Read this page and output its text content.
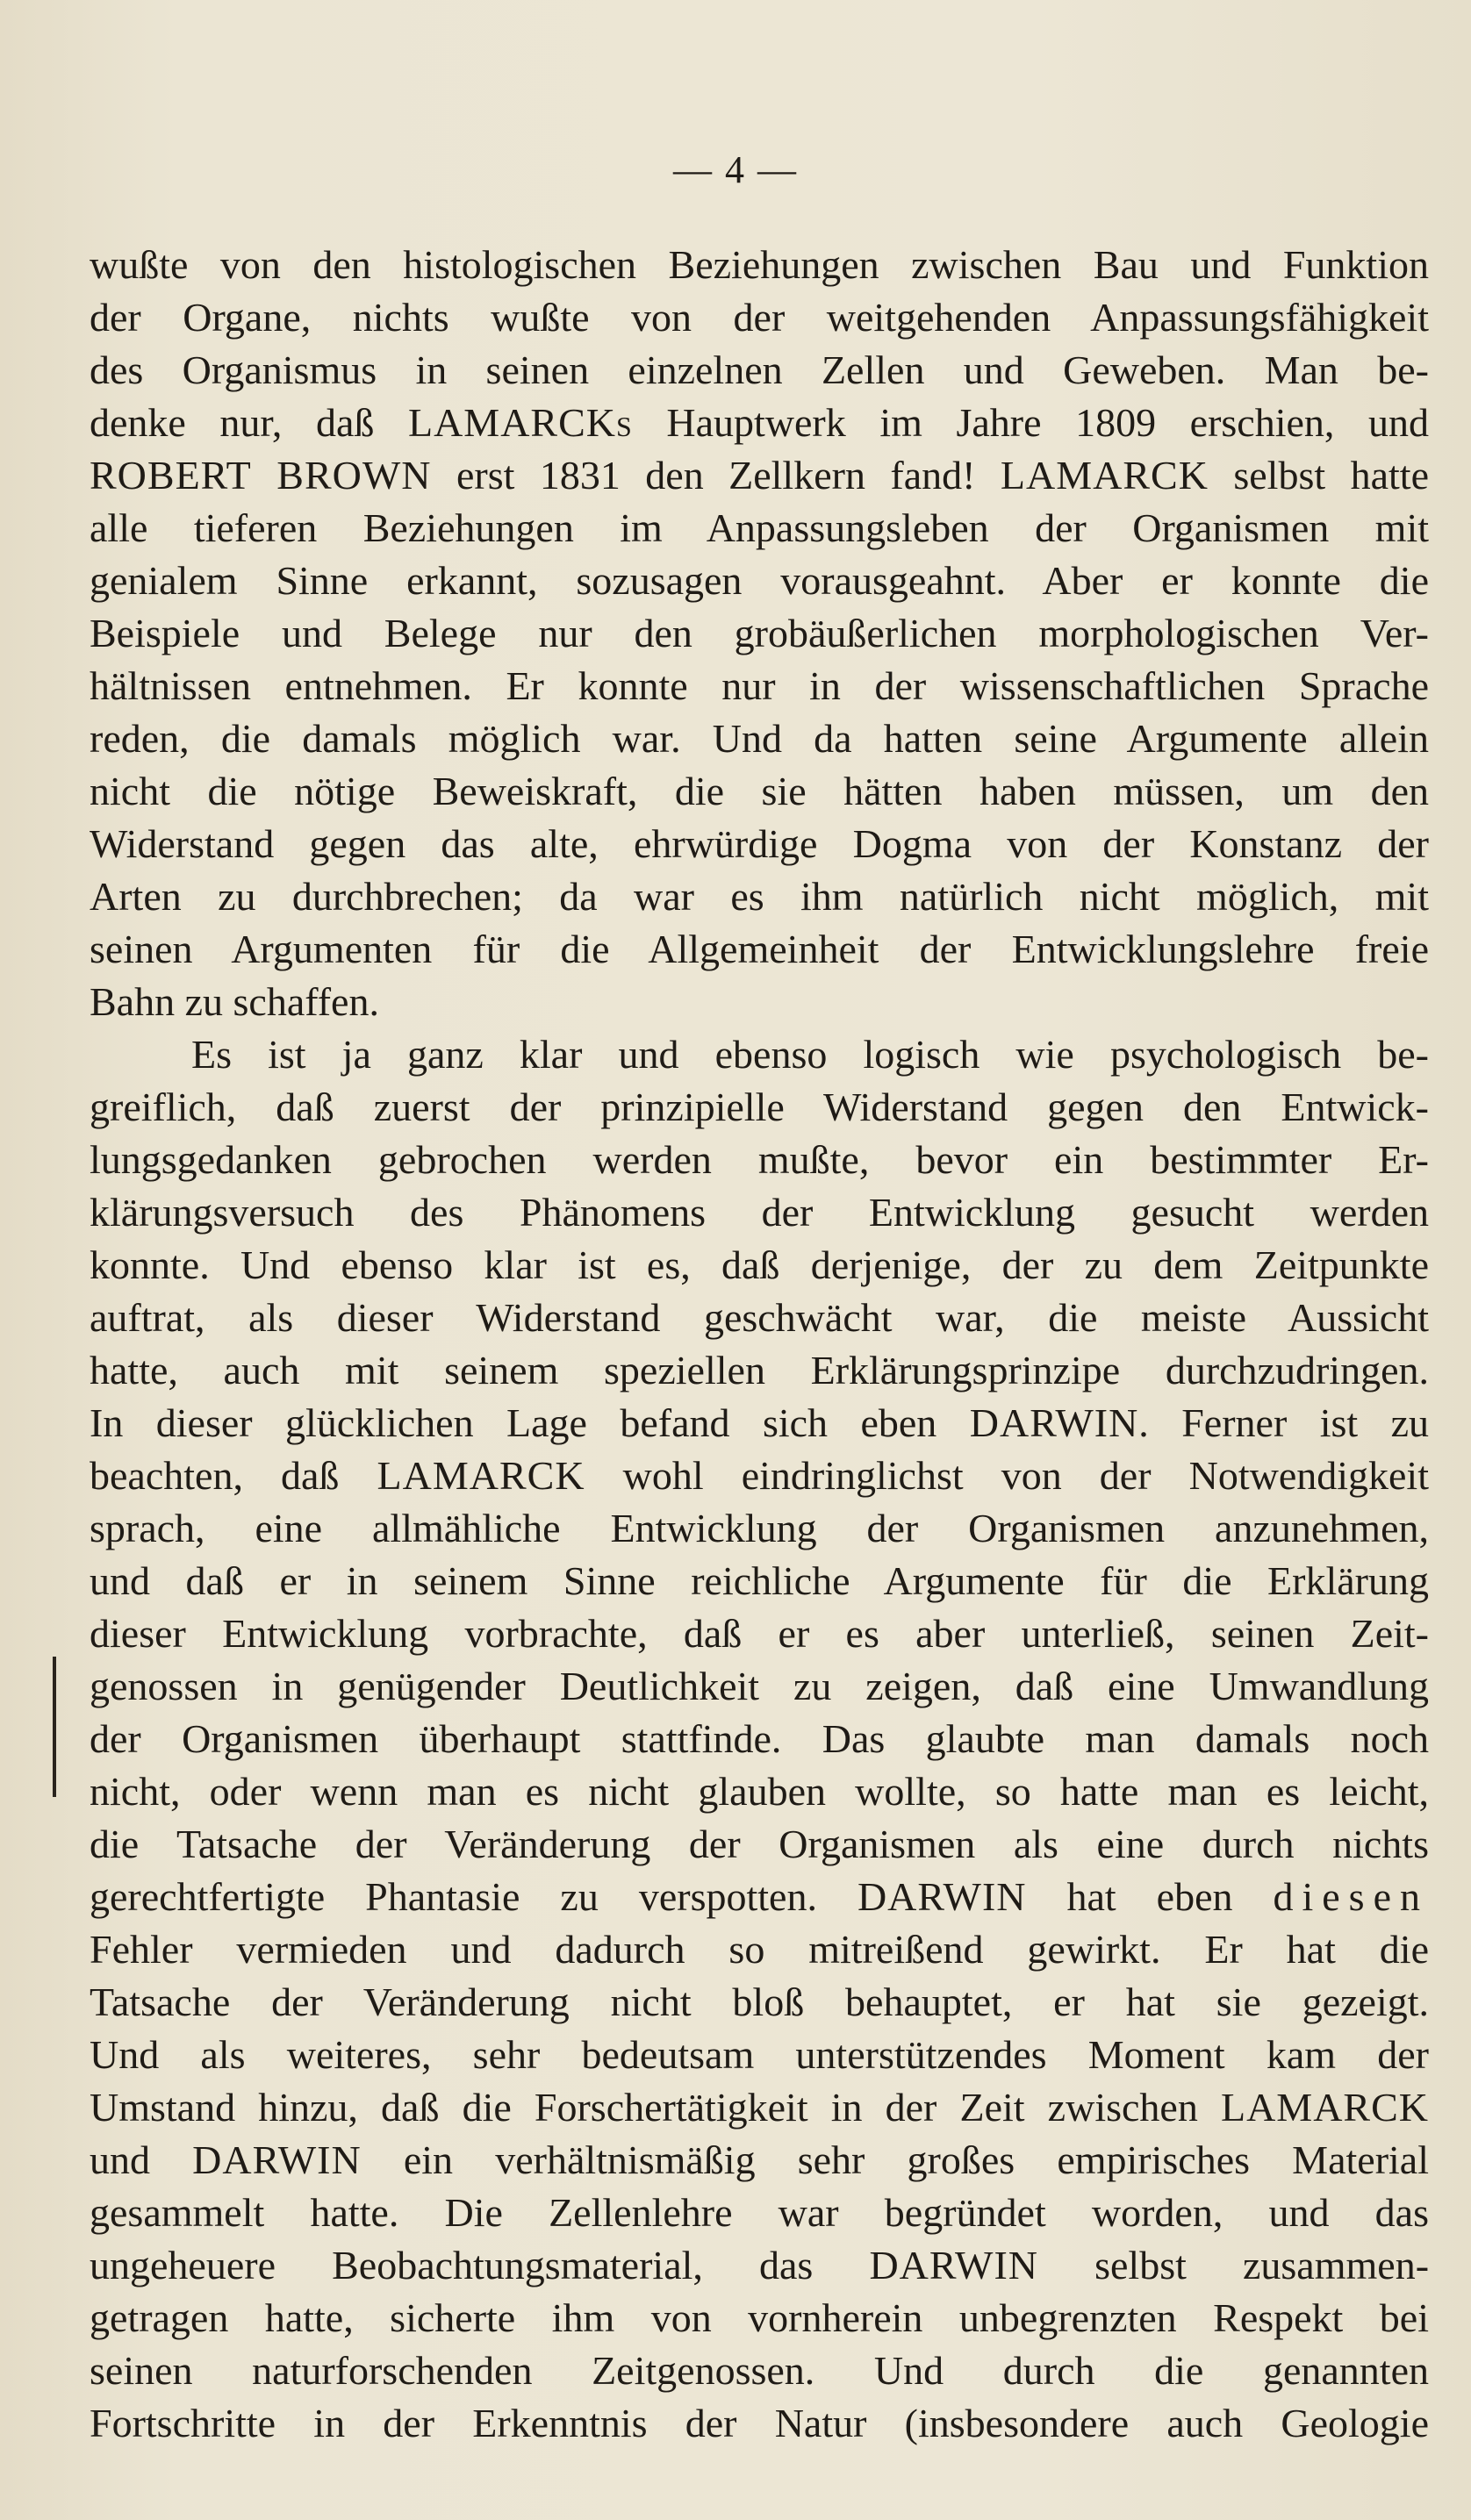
— 4 —
wußte von den histologischen Beziehungen zwischen Bau und Funktion
der Organe, nichts wußte von der weitgehenden Anpassungsfähigkeit
des Organismus in seinen einzelnen Zellen und Geweben. Man be-
denke nur, daß LAMARCKs Hauptwerk im Jahre 1809 erschien, und
ROBERT BROWN erst 1831 den Zellkern fand! LAMARCK selbst hatte
alle tieferen Beziehungen im Anpassungsleben der Organismen mit
genialem Sinne erkannt, sozusagen vorausgeahnt. Aber er konnte die
Beispiele und Belege nur den grobäußerlichen morphologischen Ver-
hältnissen entnehmen. Er konnte nur in der wissenschaftlichen Sprache
reden, die damals möglich war. Und da hatten seine Argumente allein
nicht die nötige Beweiskraft, die sie hätten haben müssen, um den
Widerstand gegen das alte, ehrwürdige Dogma von der Konstanz der
Arten zu durchbrechen; da war es ihm natürlich nicht möglich, mit
seinen Argumenten für die Allgemeinheit der Entwicklungslehre freie
Bahn zu schaffen.
Es ist ja ganz klar und ebenso logisch wie psychologisch be-
greiflich, daß zuerst der prinzipielle Widerstand gegen den Entwick-
lungsgedanken gebrochen werden mußte, bevor ein bestimmter Er-
klärungsversuch des Phänomens der Entwicklung gesucht werden
konnte. Und ebenso klar ist es, daß derjenige, der zu dem Zeitpunkte
auftrat, als dieser Widerstand geschwächt war, die meiste Aussicht
hatte, auch mit seinem speziellen Erklärungsprinzipe durchzudringen.
In dieser glücklichen Lage befand sich eben DARWIN. Ferner ist zu
beachten, daß LAMARCK wohl eindringlichst von der Notwendigkeit
sprach, eine allmähliche Entwicklung der Organismen anzunehmen,
und daß er in seinem Sinne reichliche Argumente für die Erklärung
dieser Entwicklung vorbrachte, daß er es aber unterließ, seinen Zeit-
genossen in genügender Deutlichkeit zu zeigen, daß eine Umwandlung
der Organismen überhaupt stattfinde. Das glaubte man damals noch
nicht, oder wenn man es nicht glauben wollte, so hatte man es leicht,
die Tatsache der Veränderung der Organismen als eine durch nichts
gerechtfertigte Phantasie zu verspotten. DARWIN hat eben diesen
Fehler vermieden und dadurch so mitreißend gewirkt. Er hat die
Tatsache der Veränderung nicht bloß behauptet, er hat sie gezeigt.
Und als weiteres, sehr bedeutsam unterstützendes Moment kam der
Umstand hinzu, daß die Forschertätigkeit in der Zeit zwischen LAMARCK
und DARWIN ein verhältnismäßig sehr großes empirisches Material
gesammelt hatte. Die Zellenlehre war begründet worden, und das
ungeheuere Beobachtungsmaterial, das DARWIN selbst zusammen-
getragen hatte, sicherte ihm von vornherein unbegrenzten Respekt bei
seinen naturforschenden Zeitgenossen. Und durch die genannten
Fortschritte in der Erkenntnis der Natur (insbesondere auch Geologie
